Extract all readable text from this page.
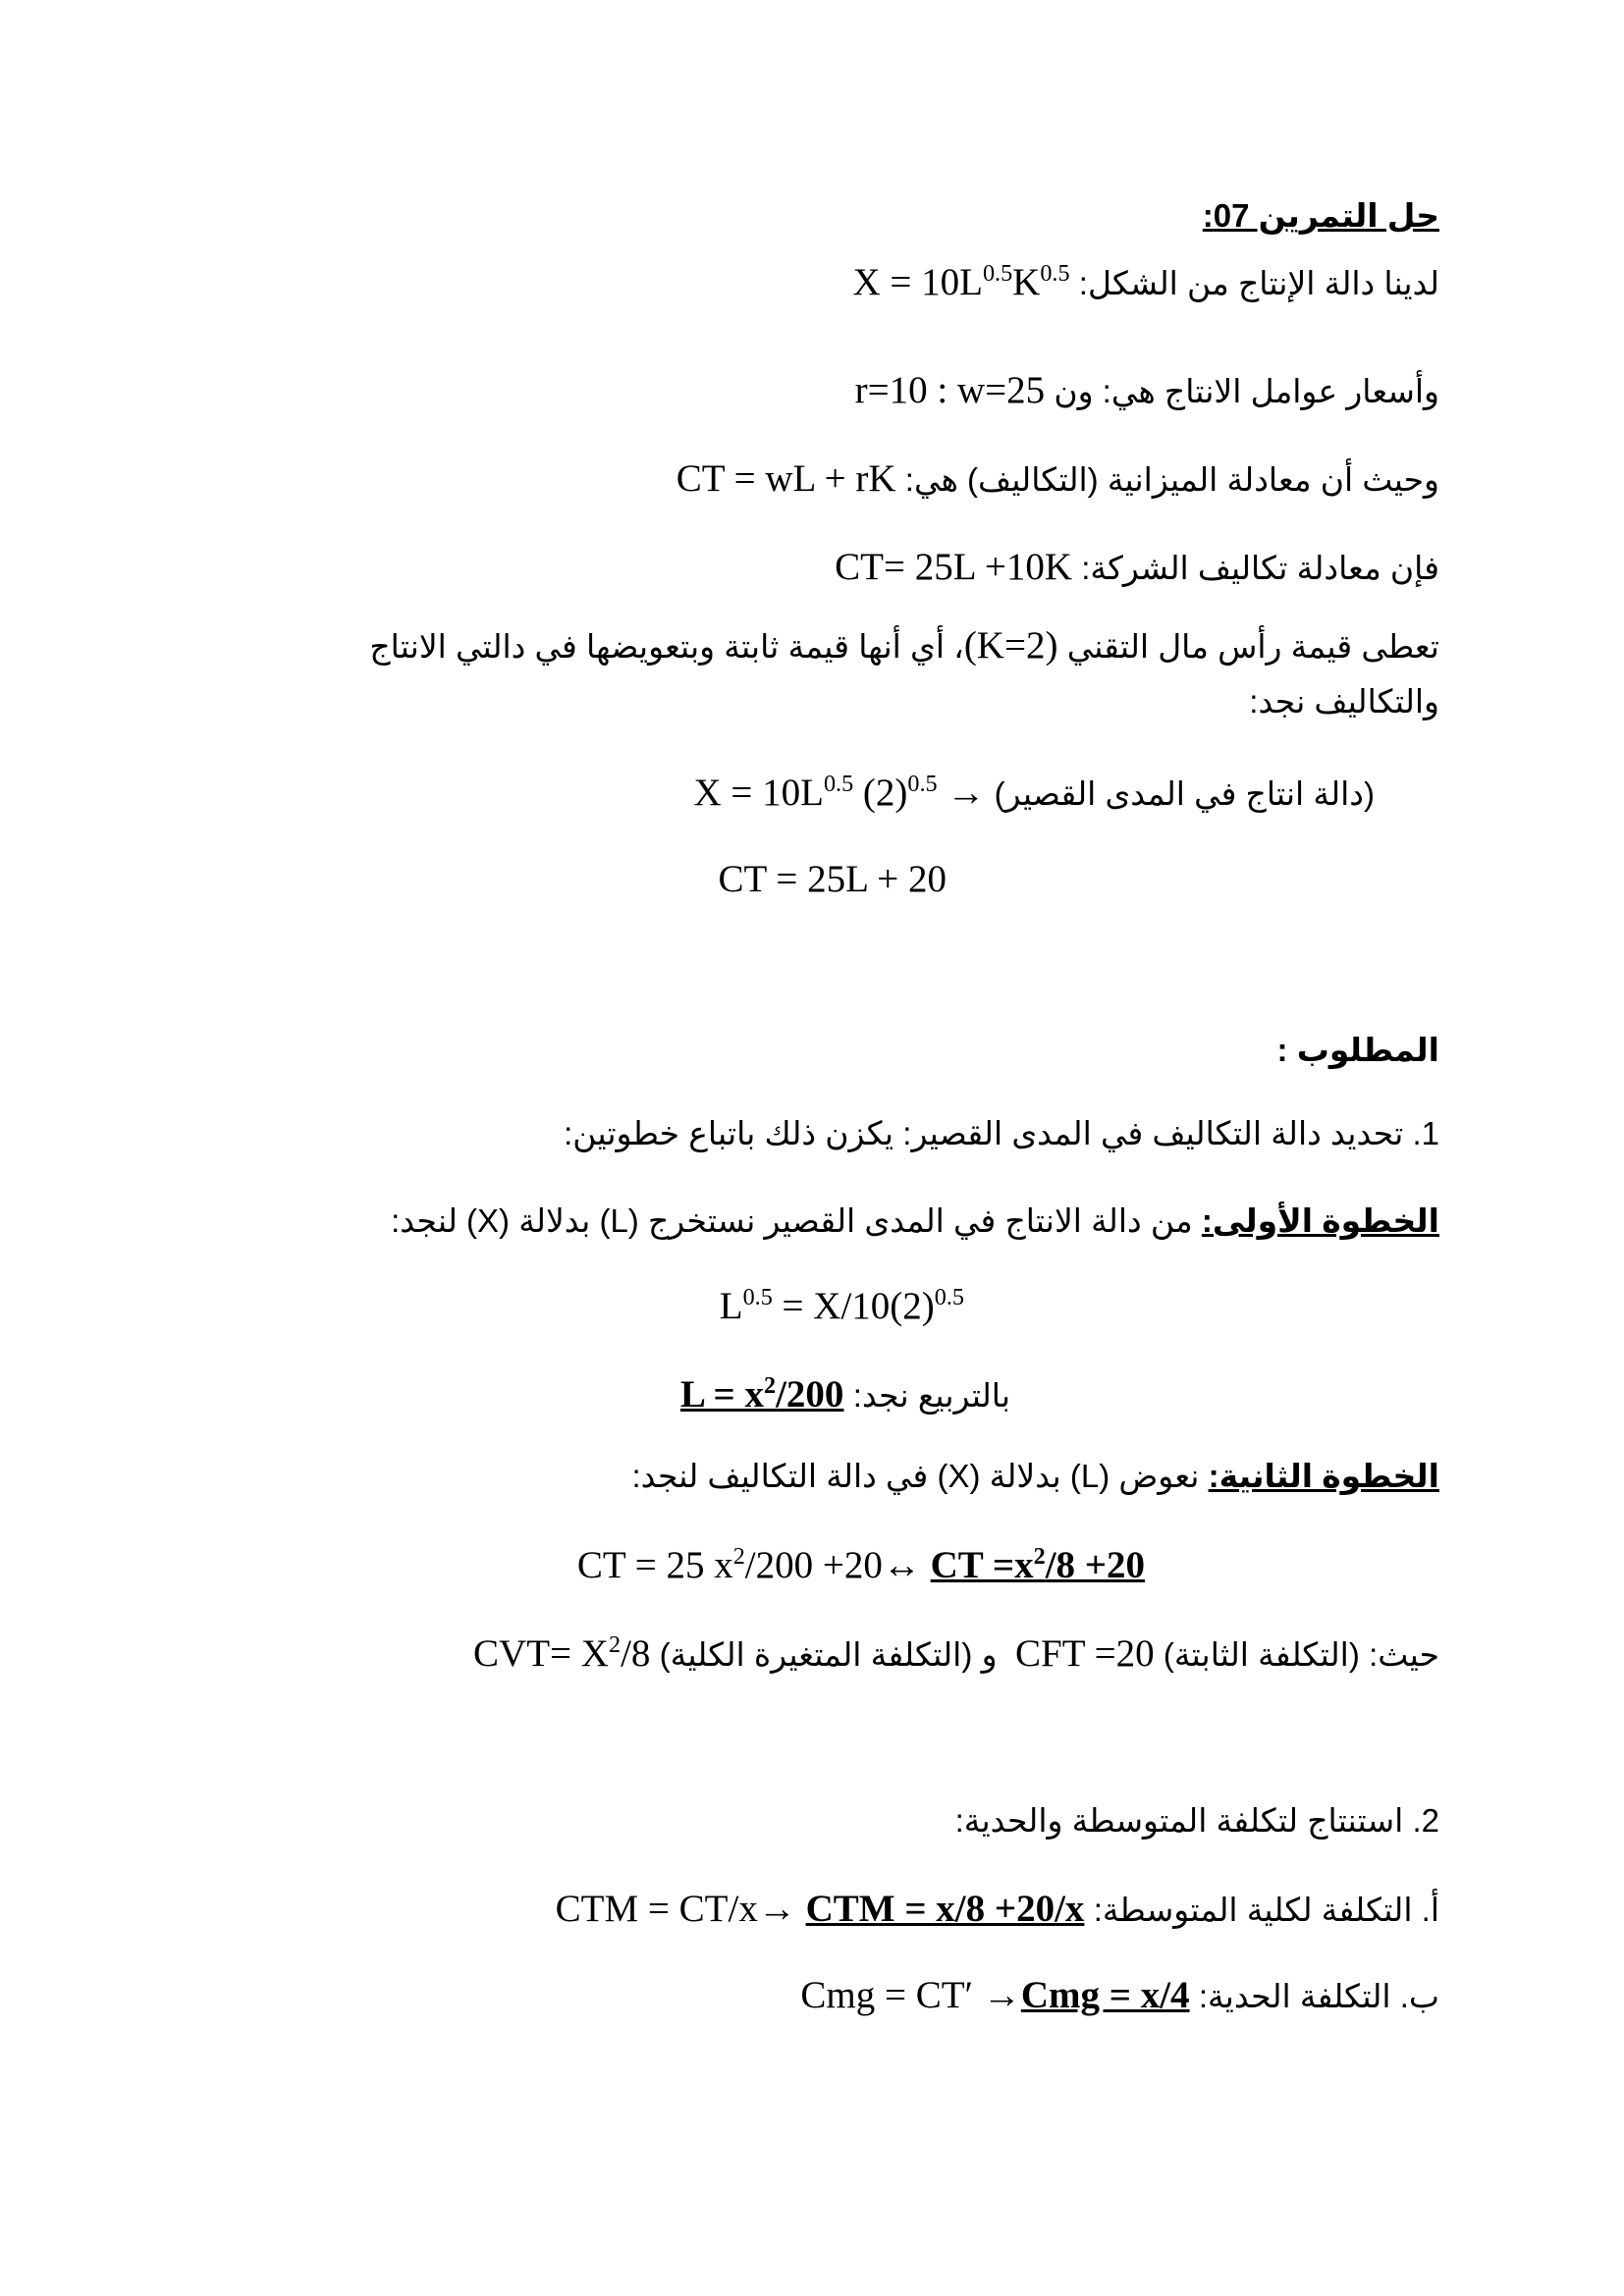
حل التمرين 07:
لدينا دالة الإنتاج من الشكل: $X = 10L^{0.5}K^{0.5}$
وأسعار عوامل الانتاج هي: ون r=10 : w=25
وحيث أن معادلة الميزانية (التكاليف) هي: CT = wL + rK
فإن معادلة تكاليف الشركة: CT= 25L +10K
تعطى قيمة رأس مال التقني (K=2)، أي أنها قيمة ثابتة وبتعويضها في دالتي الانتاج
والتكاليف نجد:
(دالة انتاج في المدى القصير) $X = 10L^{0.5}$ $(2)^{0.5}$ →
CT = 25L + 20
المطلوب :
1. تحديد دالة التكاليف في المدى القصير: يكزن ذلك باتباع خطوتين:
الخطوة الأولى: من دالة الانتاج في المدى القصير نستخرج (L) بدلالة (X) لنجد:
$L^{0.5} = X/10(2)^{0.5}$
بالتربيع نجد: $L = x^2/200$
الخطوة الثانية: نعوض (L) بدلالة (X) في دالة التكاليف لنجد:
CT = 25 $x^2/200$ +20↔ CT $=x^2/8 +20$
حيث: (التكلفة الثابتة) CFT =20  و (التكلفة المتغيرة الكلية) $CVT= X^2/8$
2. استنتاج لتكلفة المتوسطة والحدية:
أ. التكلفة لكلية المتوسطة: CTM = CT/x→ CTM = x/8 +20/x
ب. التكلفة الحدية: Cmg = CT′ →Cmg = x/4
